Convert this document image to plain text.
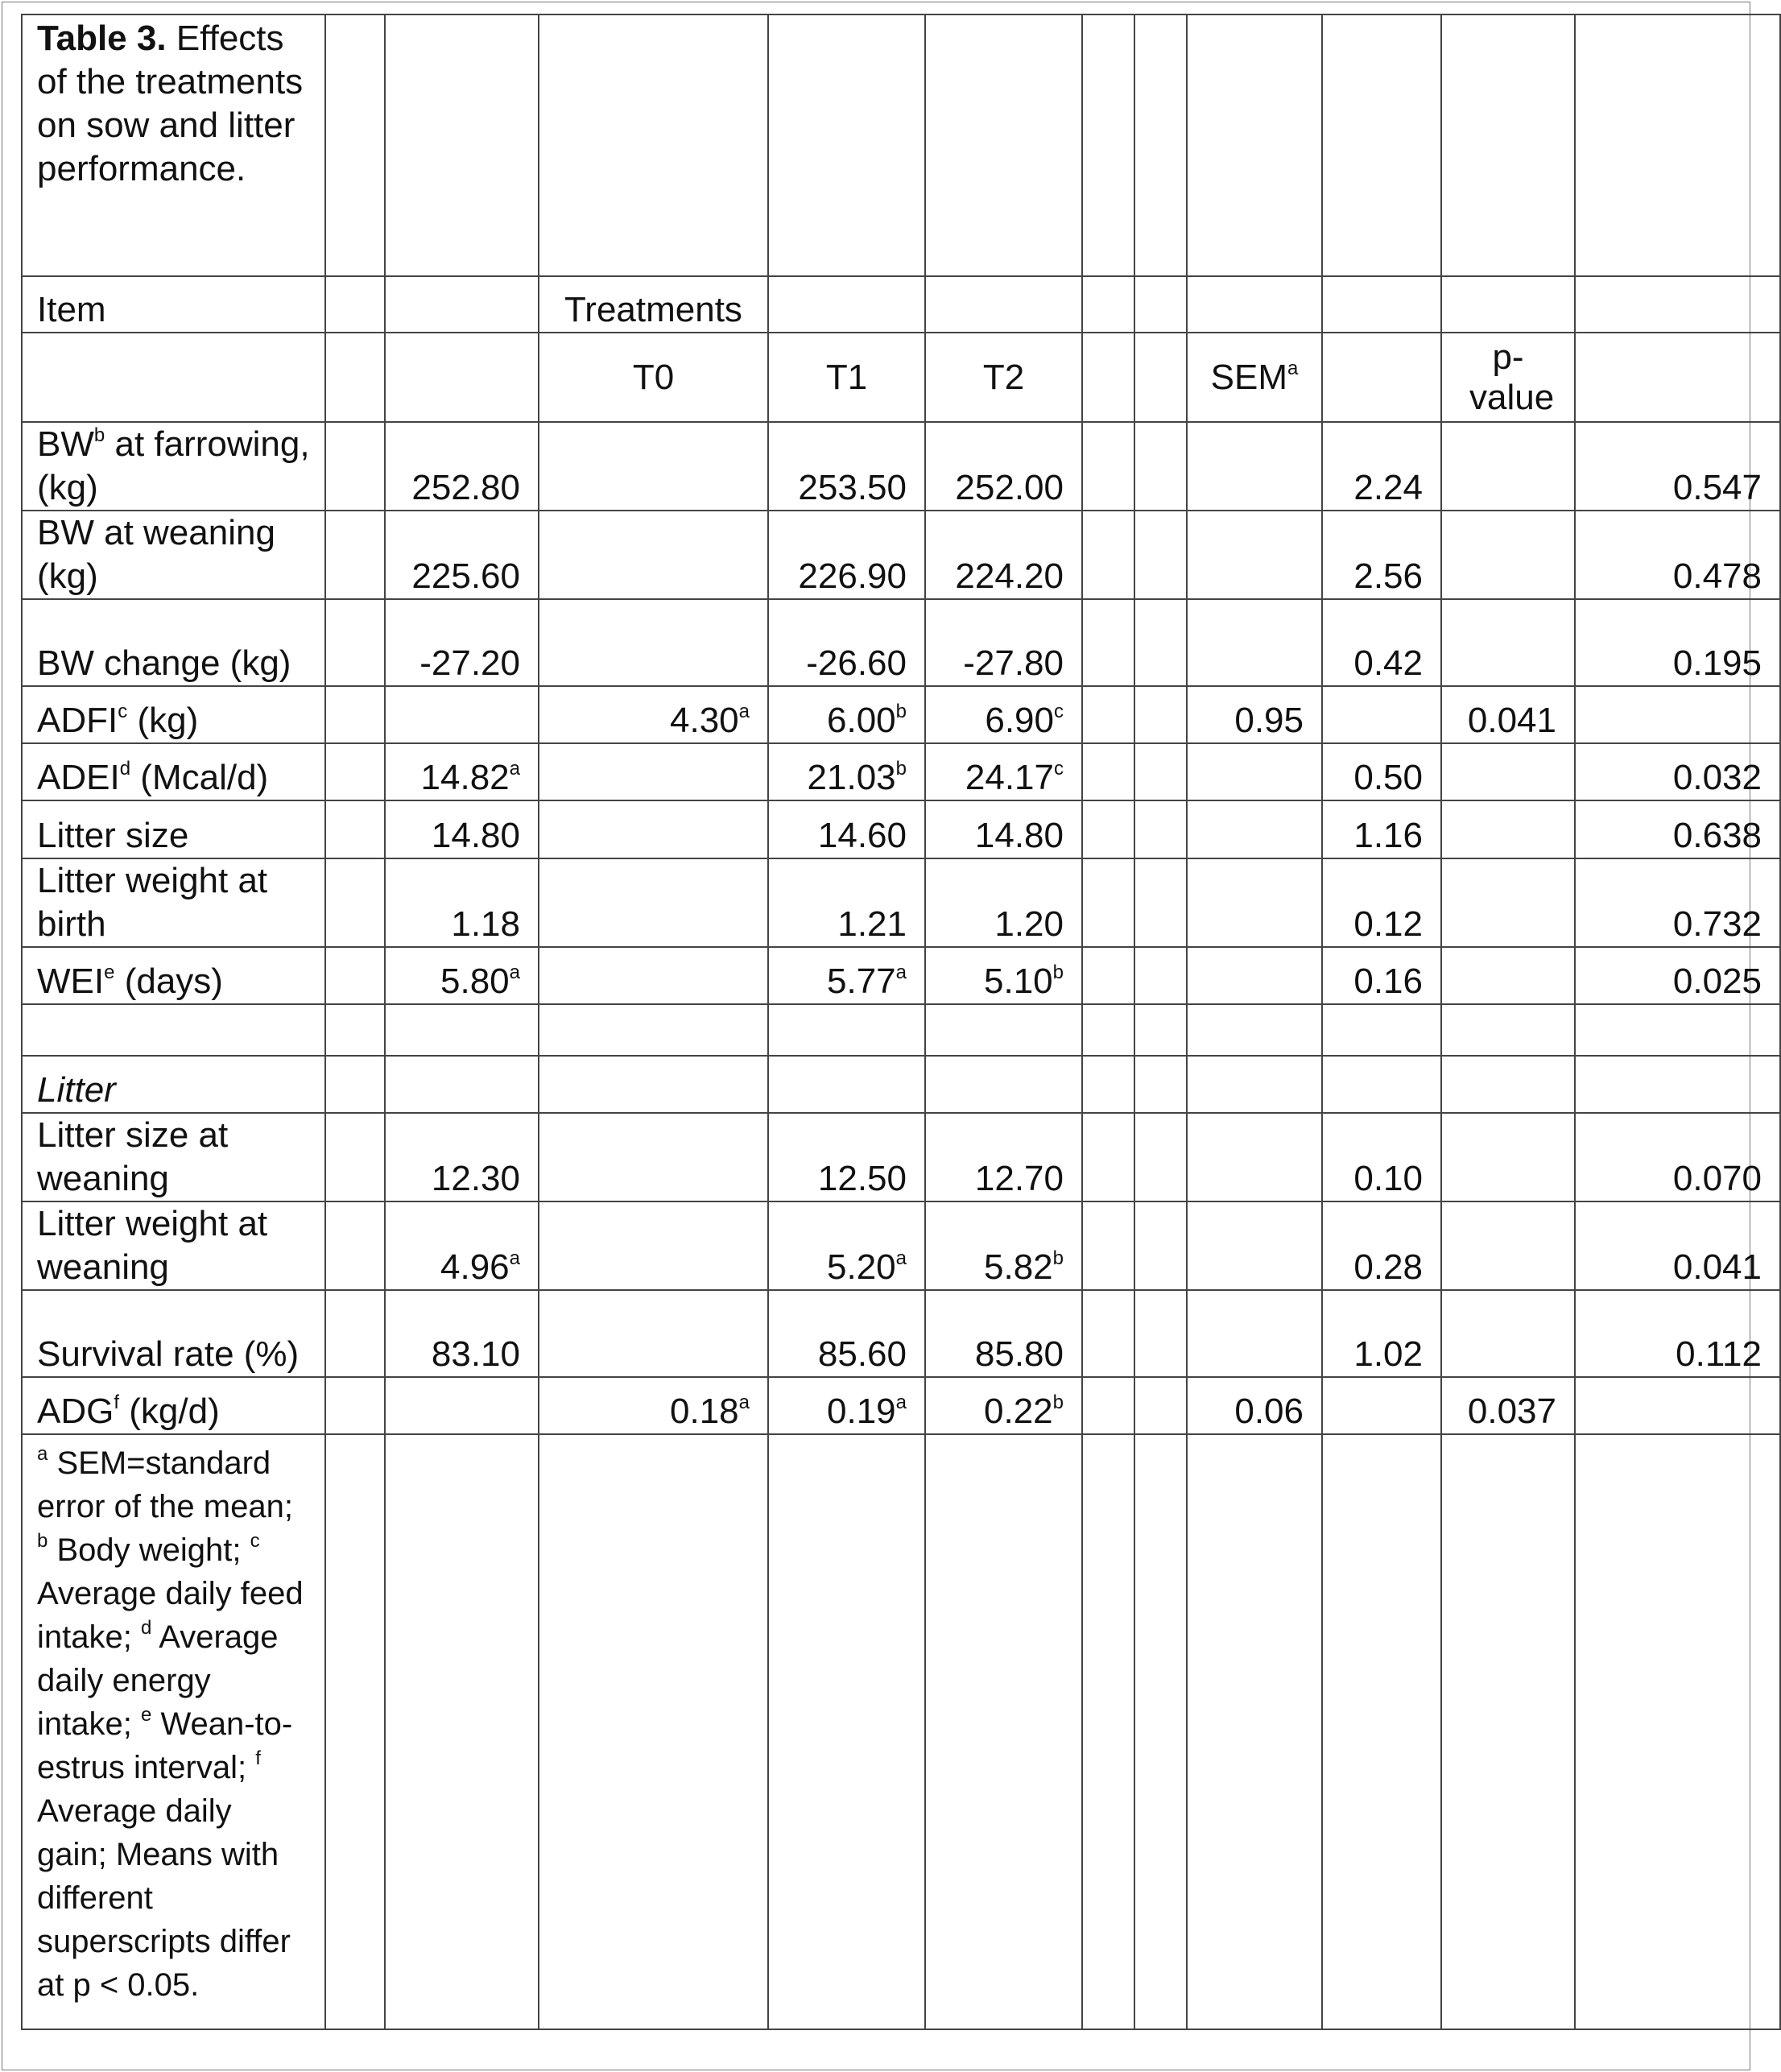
Table 3. Effects of the treatments on sow and litter performance.											
Item			Treatments								
			T0	T1	T2			SEM$^a$		p-value	
$BW^b$ at farrowing, (kg)		252.80		253.50	252.00				2.24		0.547
BW at weaning (kg)		225.60		226.90	224.20				2.56		0.478
BW change (kg)		-27.20		-26.60	-27.80				0.42		0.195
ADFI$^c$ (kg)			4.30$^a$	6.00$^b$	6.90$^c$			0.95		0.041	
ADEI$^d$ (Mcal/d)		14.82$^a$		21.03$^b$	24.17$^c$				0.50		0.032
Litter size		14.80		14.60	14.80				1.16		0.638
Litter weight at birth		1.18		1.21	1.20				0.12		0.732
WEI$^e$ (days)		5.80$^a$		5.77$^a$	5.10$^b$				0.16		0.025

Litter											
Litter size at weaning		12.30		12.50	12.70				0.10		0.070
Litter weight at weaning		4.96$^a$		5.20$^a$	5.82$^b$				0.28		0.041
Survival rate (%)		83.10		85.60	85.80				1.02		0.112
ADG$^f$ (kg/d)			0.18$^a$	0.19$^a$	0.22$^b$			0.06		0.037	
$^a$ SEM=standard error of the mean; $^b$ Body weight; $^c$ Average daily feed intake; $^d$ Average daily energy intake; $^e$ Wean-to-estrus interval; $^f$ Average daily gain; Means with different superscripts differ at p < 0.05.											
